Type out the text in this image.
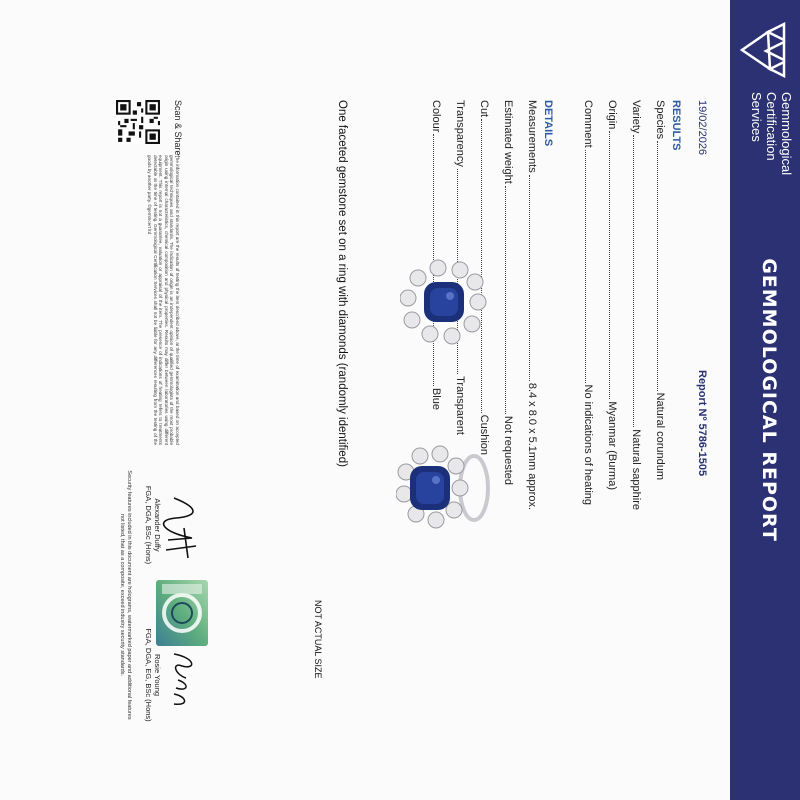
Gemmological
Certification
Services
GEMMOLOGICAL REPORT
19/02/2026
Report Nº 5786-1505
RESULTS
Species
Natural corundum
Variety
Natural sapphire
Origin
Myanmar (Burma)
Comment
No indications of heating
DETAILS
Measurements
8.4 x 8.0 x 5.1mm approx.
Estimated weight
Not requested
Cut
Cushion
Transparency
Transparent
Colour
Blue
One faceted gemstone set on a ring with diamonds (randomly identified)
NOT ACTUAL SIZE
Scan & Share:
The information contained in this report are the results of testing the item described above, at the time of examination and based on accepted gemmological techniques and standards. The indication of origin is an independent opinion of qualified gemmologists of the most probable origin using internal characteristics, chemical composition and physical properties. Results may differ between laboratories using different equipment. This report is not a guarantee, valuation or appraisal of the item. The presence of indications of heating refers to treatments detectable at the time of testing. Gemmological Certification Services shall not be liable for any differences resulting from the testing of the goods by another party. ©gemmcert ltd
Alexander Duffy
FGA, DGA, BSc (Hons)
Rosie Young
FGA, DGA, EG, BSc (Hons)
Security features included in this document are holograms, watermarked paper and additional features not listed, that as a composite, exceed industry security standards.
